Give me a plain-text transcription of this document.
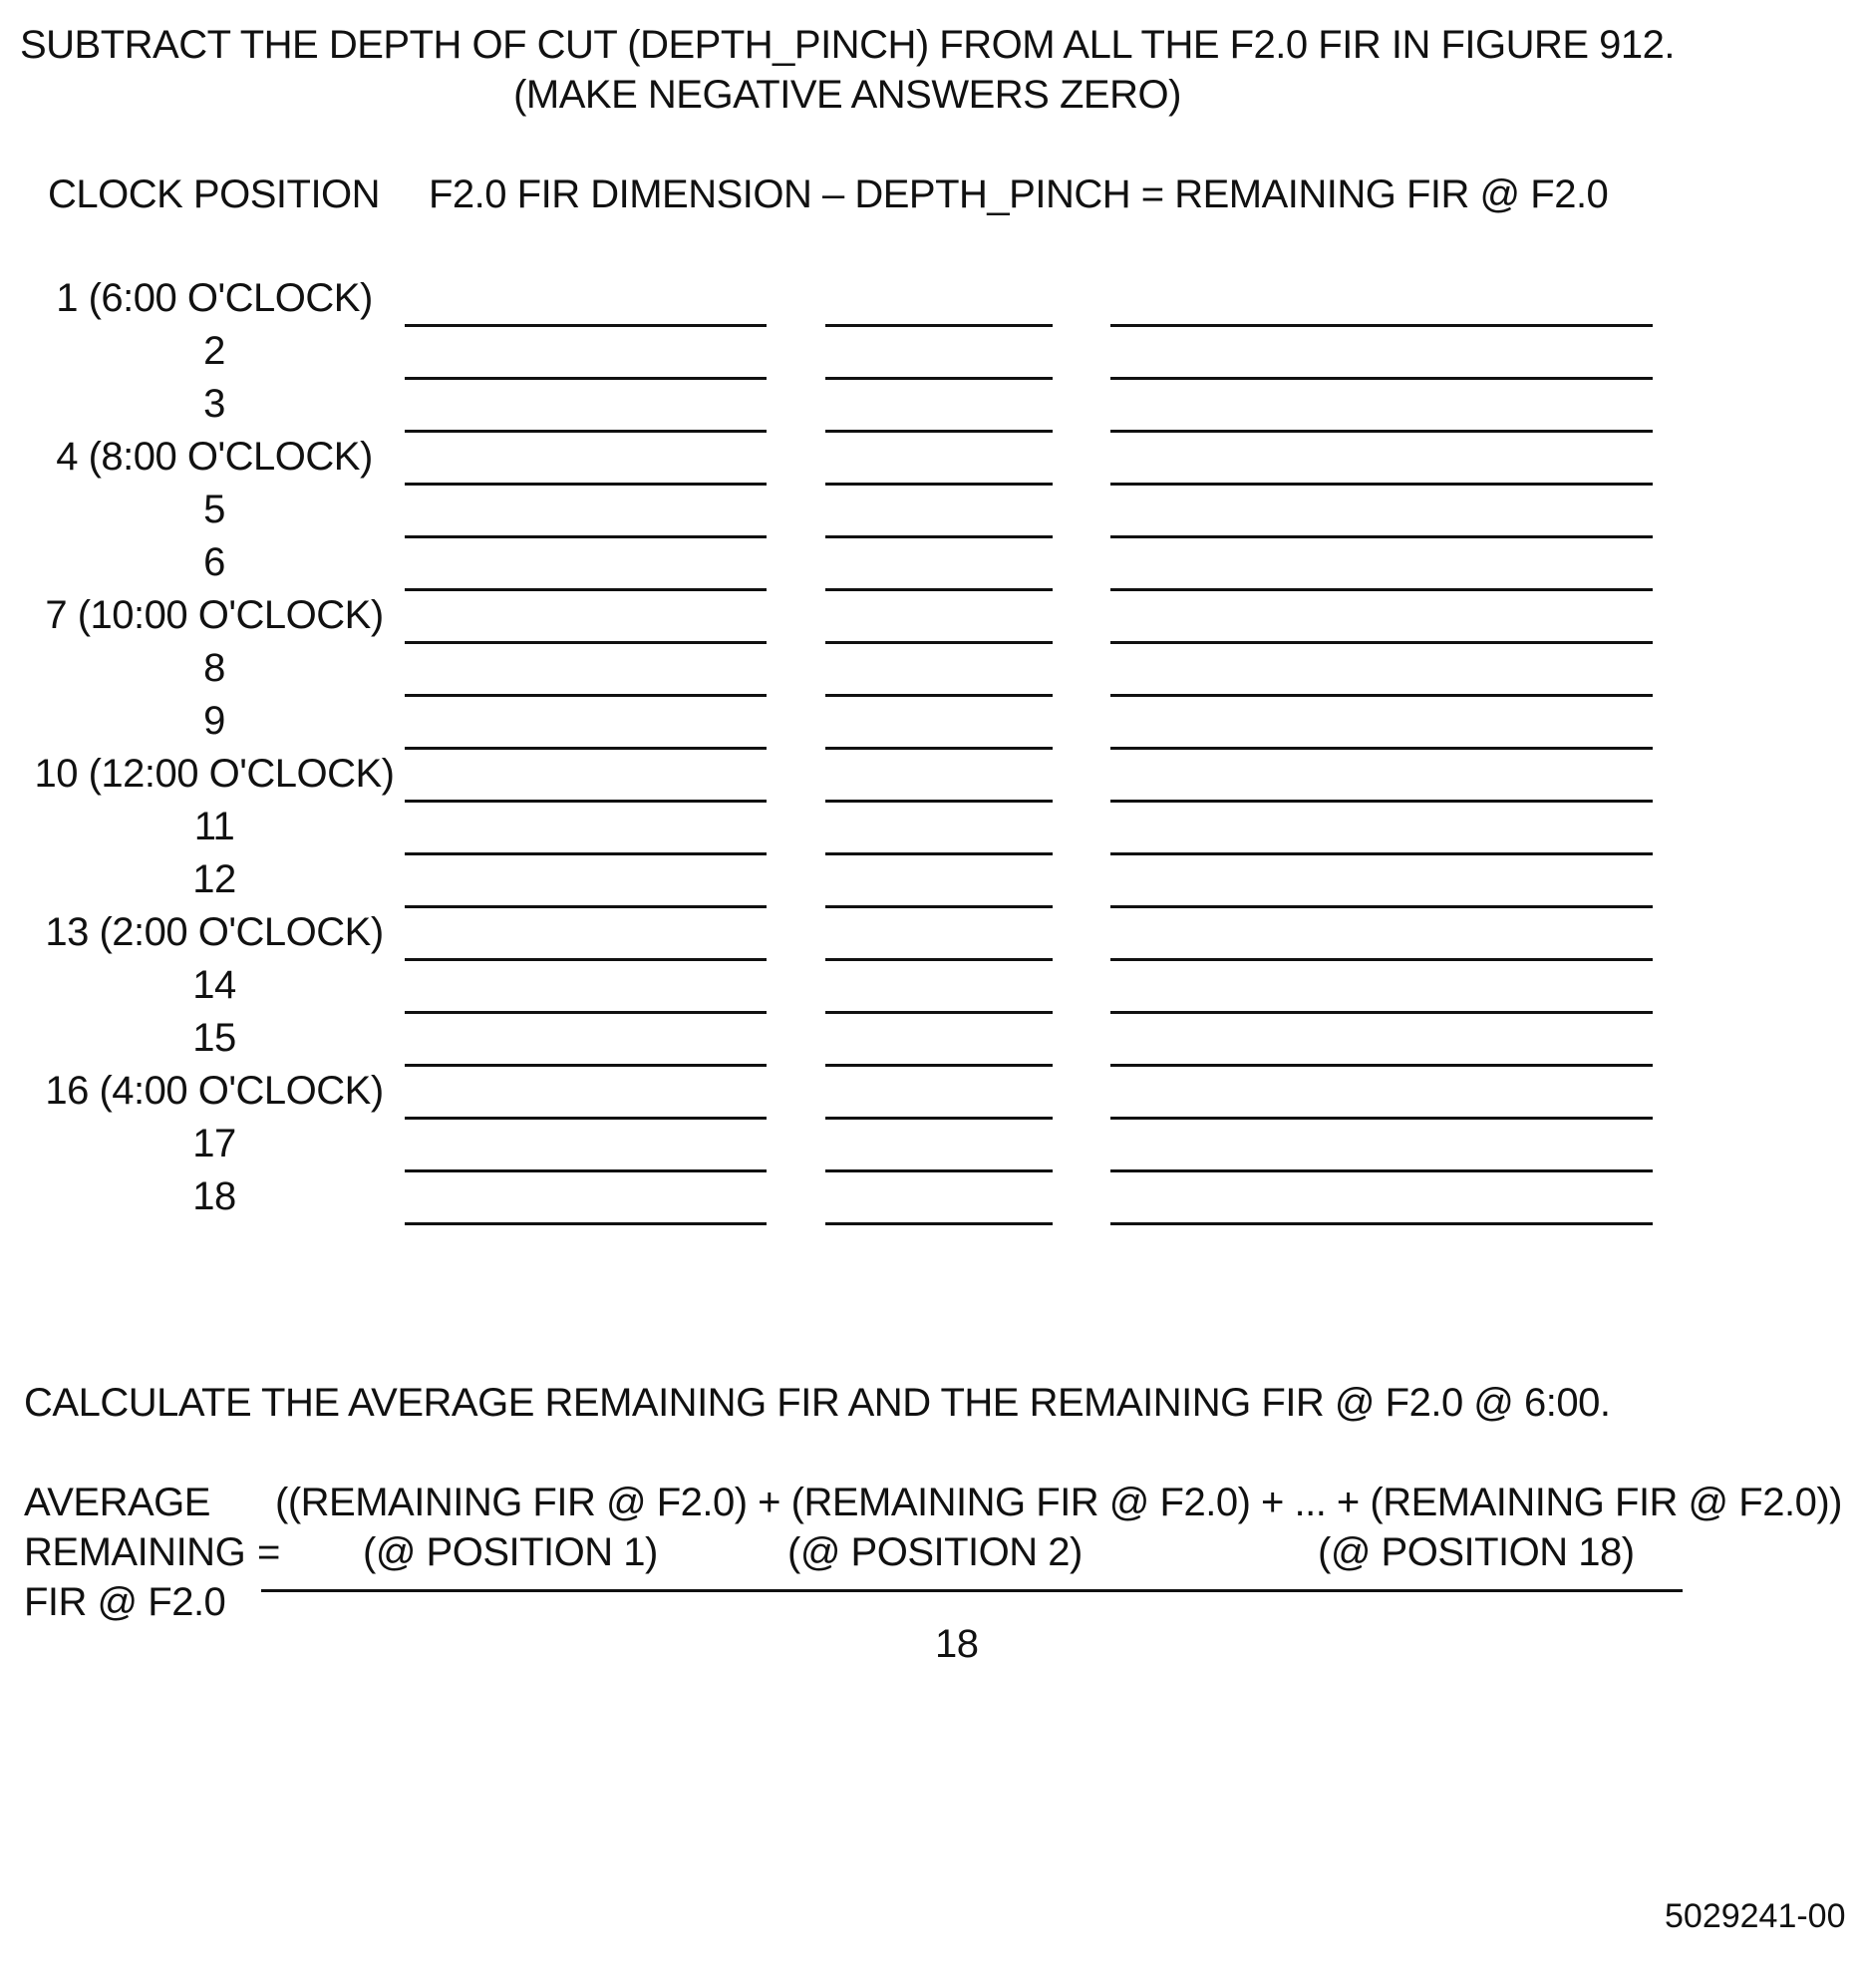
SUBTRACT THE DEPTH OF CUT (DEPTH_PINCH) FROM ALL THE F2.0 FIR IN FIGURE 912.
(MAKE NEGATIVE ANSWERS ZERO)
CLOCK POSITION F2.0 FIR DIMENSION – DEPTH_PINCH = REMAINING FIR @ F2.0
1 (6:00 O'CLOCK)
2
3
4 (8:00 O'CLOCK)
5
6
7 (10:00 O'CLOCK)
8
9
10 (12:00 O'CLOCK)
11
12
13 (2:00 O'CLOCK)
14
15
16 (4:00 O'CLOCK)
17
18
CALCULATE THE AVERAGE REMAINING FIR AND THE REMAINING FIR @ F2.0 @ 6:00.
AVERAGE
REMAINING
FIR @ F2.0
=
((REMAINING FIR @ F2.0) + (REMAINING FIR @ F2.0) + ... + (REMAINING FIR @ F2.0))
(@ POSITION 1)	(@ POSITION 2)	(@ POSITION 18)
18
5029241-00
